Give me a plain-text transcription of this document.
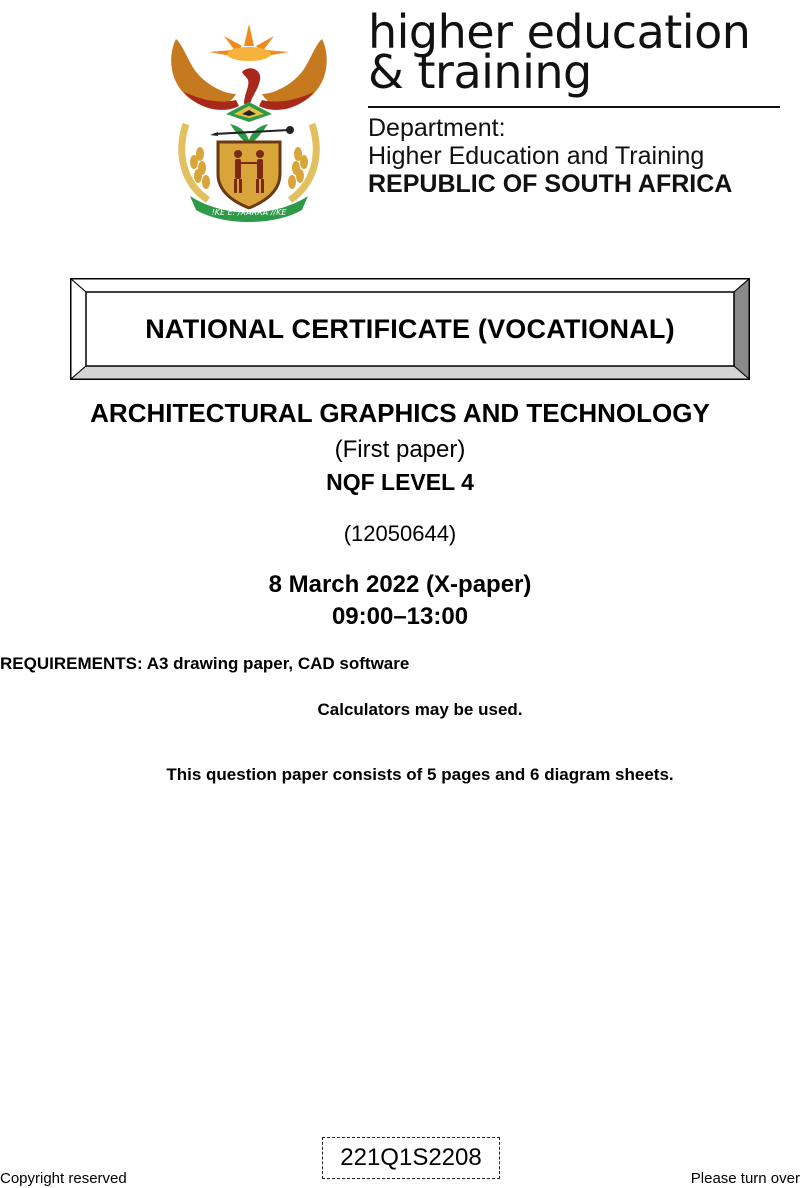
!KE E: /XARRA //KE
higher education
& training
Department:
Higher Education and Training
REPUBLIC OF SOUTH AFRICA
NATIONAL CERTIFICATE (VOCATIONAL)
ARCHITECTURAL GRAPHICS AND TECHNOLOGY
(First paper)
NQF LEVEL 4
(12050644)
8 March 2022 (X-paper)
09:00–13:00
REQUIREMENTS: A3 drawing paper, CAD software
Calculators may be used.
This question paper consists of 5 pages and 6 diagram sheets.
Copyright reserved
221Q1S2208
Please turn over
